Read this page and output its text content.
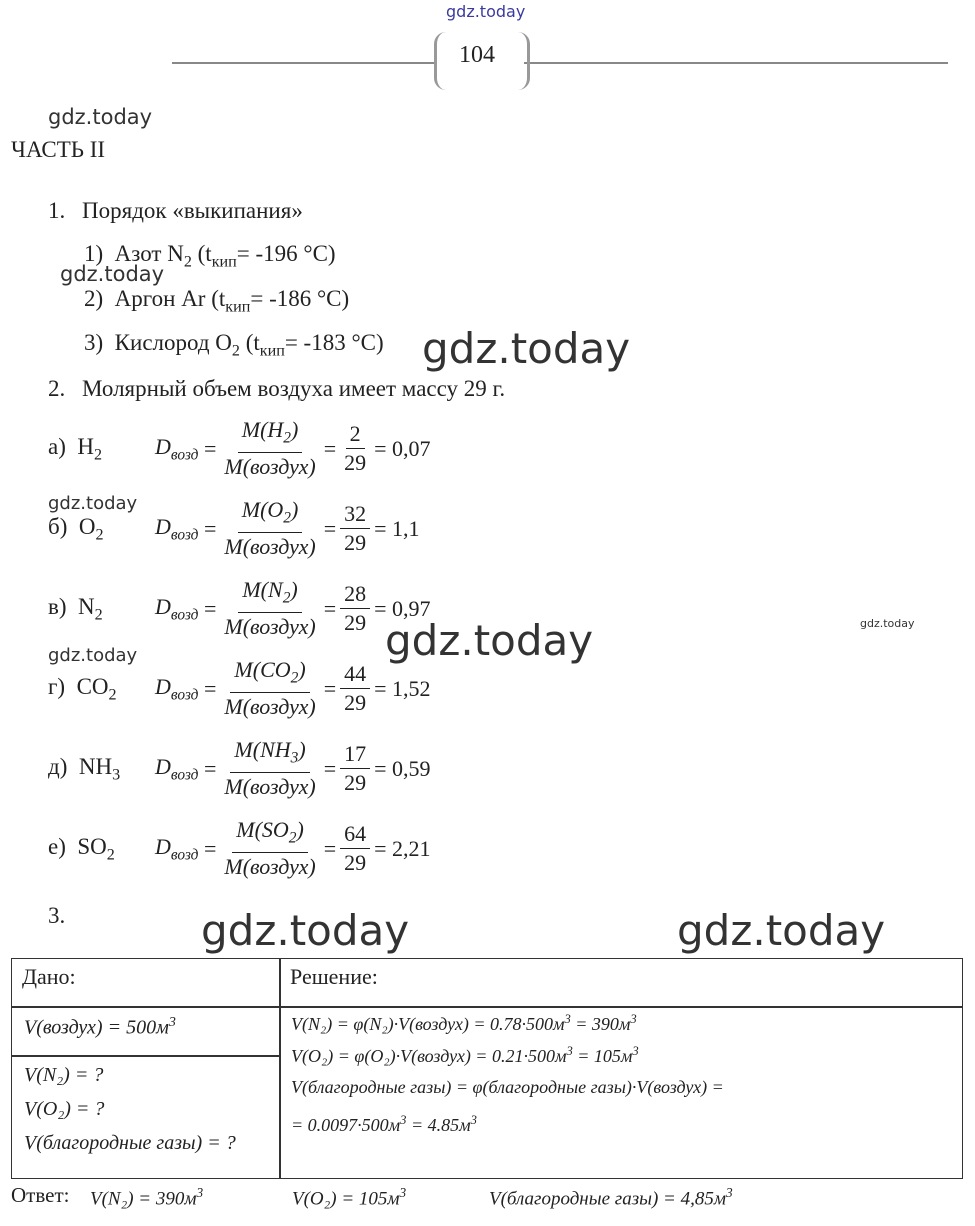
gdz.today
gdz.today
gdz.today
gdz.today
gdz.today
gdz.today	gdz.today
gdz.today
gdz.today	gdz.today
104
ЧАСТЬ II
1. Порядок «выкипания»
1) Азот $N_2$ ($t_{кип}= -196$ °C)
2) Аргон Ar ($t_{кип}= -186$ °C)
3) Кислород $O_2$ ($t_{кип}= -183$ °C)
2. Молярный объем воздуха имеет массу 29 г.
а) $H_2$ $D_{возд} = \frac{M(H_2)}{\text{M(воздух)}} = \frac{2}{29} = 0,07$
б) $O_2$ $D_{возд} = \frac{M(O_2)}{\text{M(воздух)}} = \frac{32}{29} = 1,1$
в) $N_2$ $D_{возд} = \frac{M(N_2)}{\text{M(воздух)}} = \frac{28}{29} = 0,97$
г) $CO_2$ $D_{возд} = \frac{M(CO_2)}{\text{M(воздух)}} = \frac{44}{29} = 1,52$
д) $NH_3$ $D_{возд} = \frac{M(NH_3)}{\text{M(воздух)}} = \frac{17}{29} = 0,59$
е) $SO_2$ $D_{возд} = \frac{M(SO_2)}{\text{M(воздух)}} = \frac{64}{29} = 2,21$
3.
Дано:	Решение:
V(воздух) = $500м^3$
V(N₂) = ?
V(O₂) = ?
V(благородные газы) = ?
V(N₂) = φ(N₂)·V(воздух) = $0.78\cdot 500м^3 = 390м^3$
V(O₂) = φ(O₂)·V(воздух) = $0.21\cdot 500м^3 = 105м^3$
V(благородные газы) = φ(благородные газы)·V(воздух) =
= $0.0097\cdot 500м^3 = 4.85м^3$
Ответ: $V(N_2) = 390м^3$	$V(O_2) = 105м^3$	V(благородные газы) = $4,85м^3$
